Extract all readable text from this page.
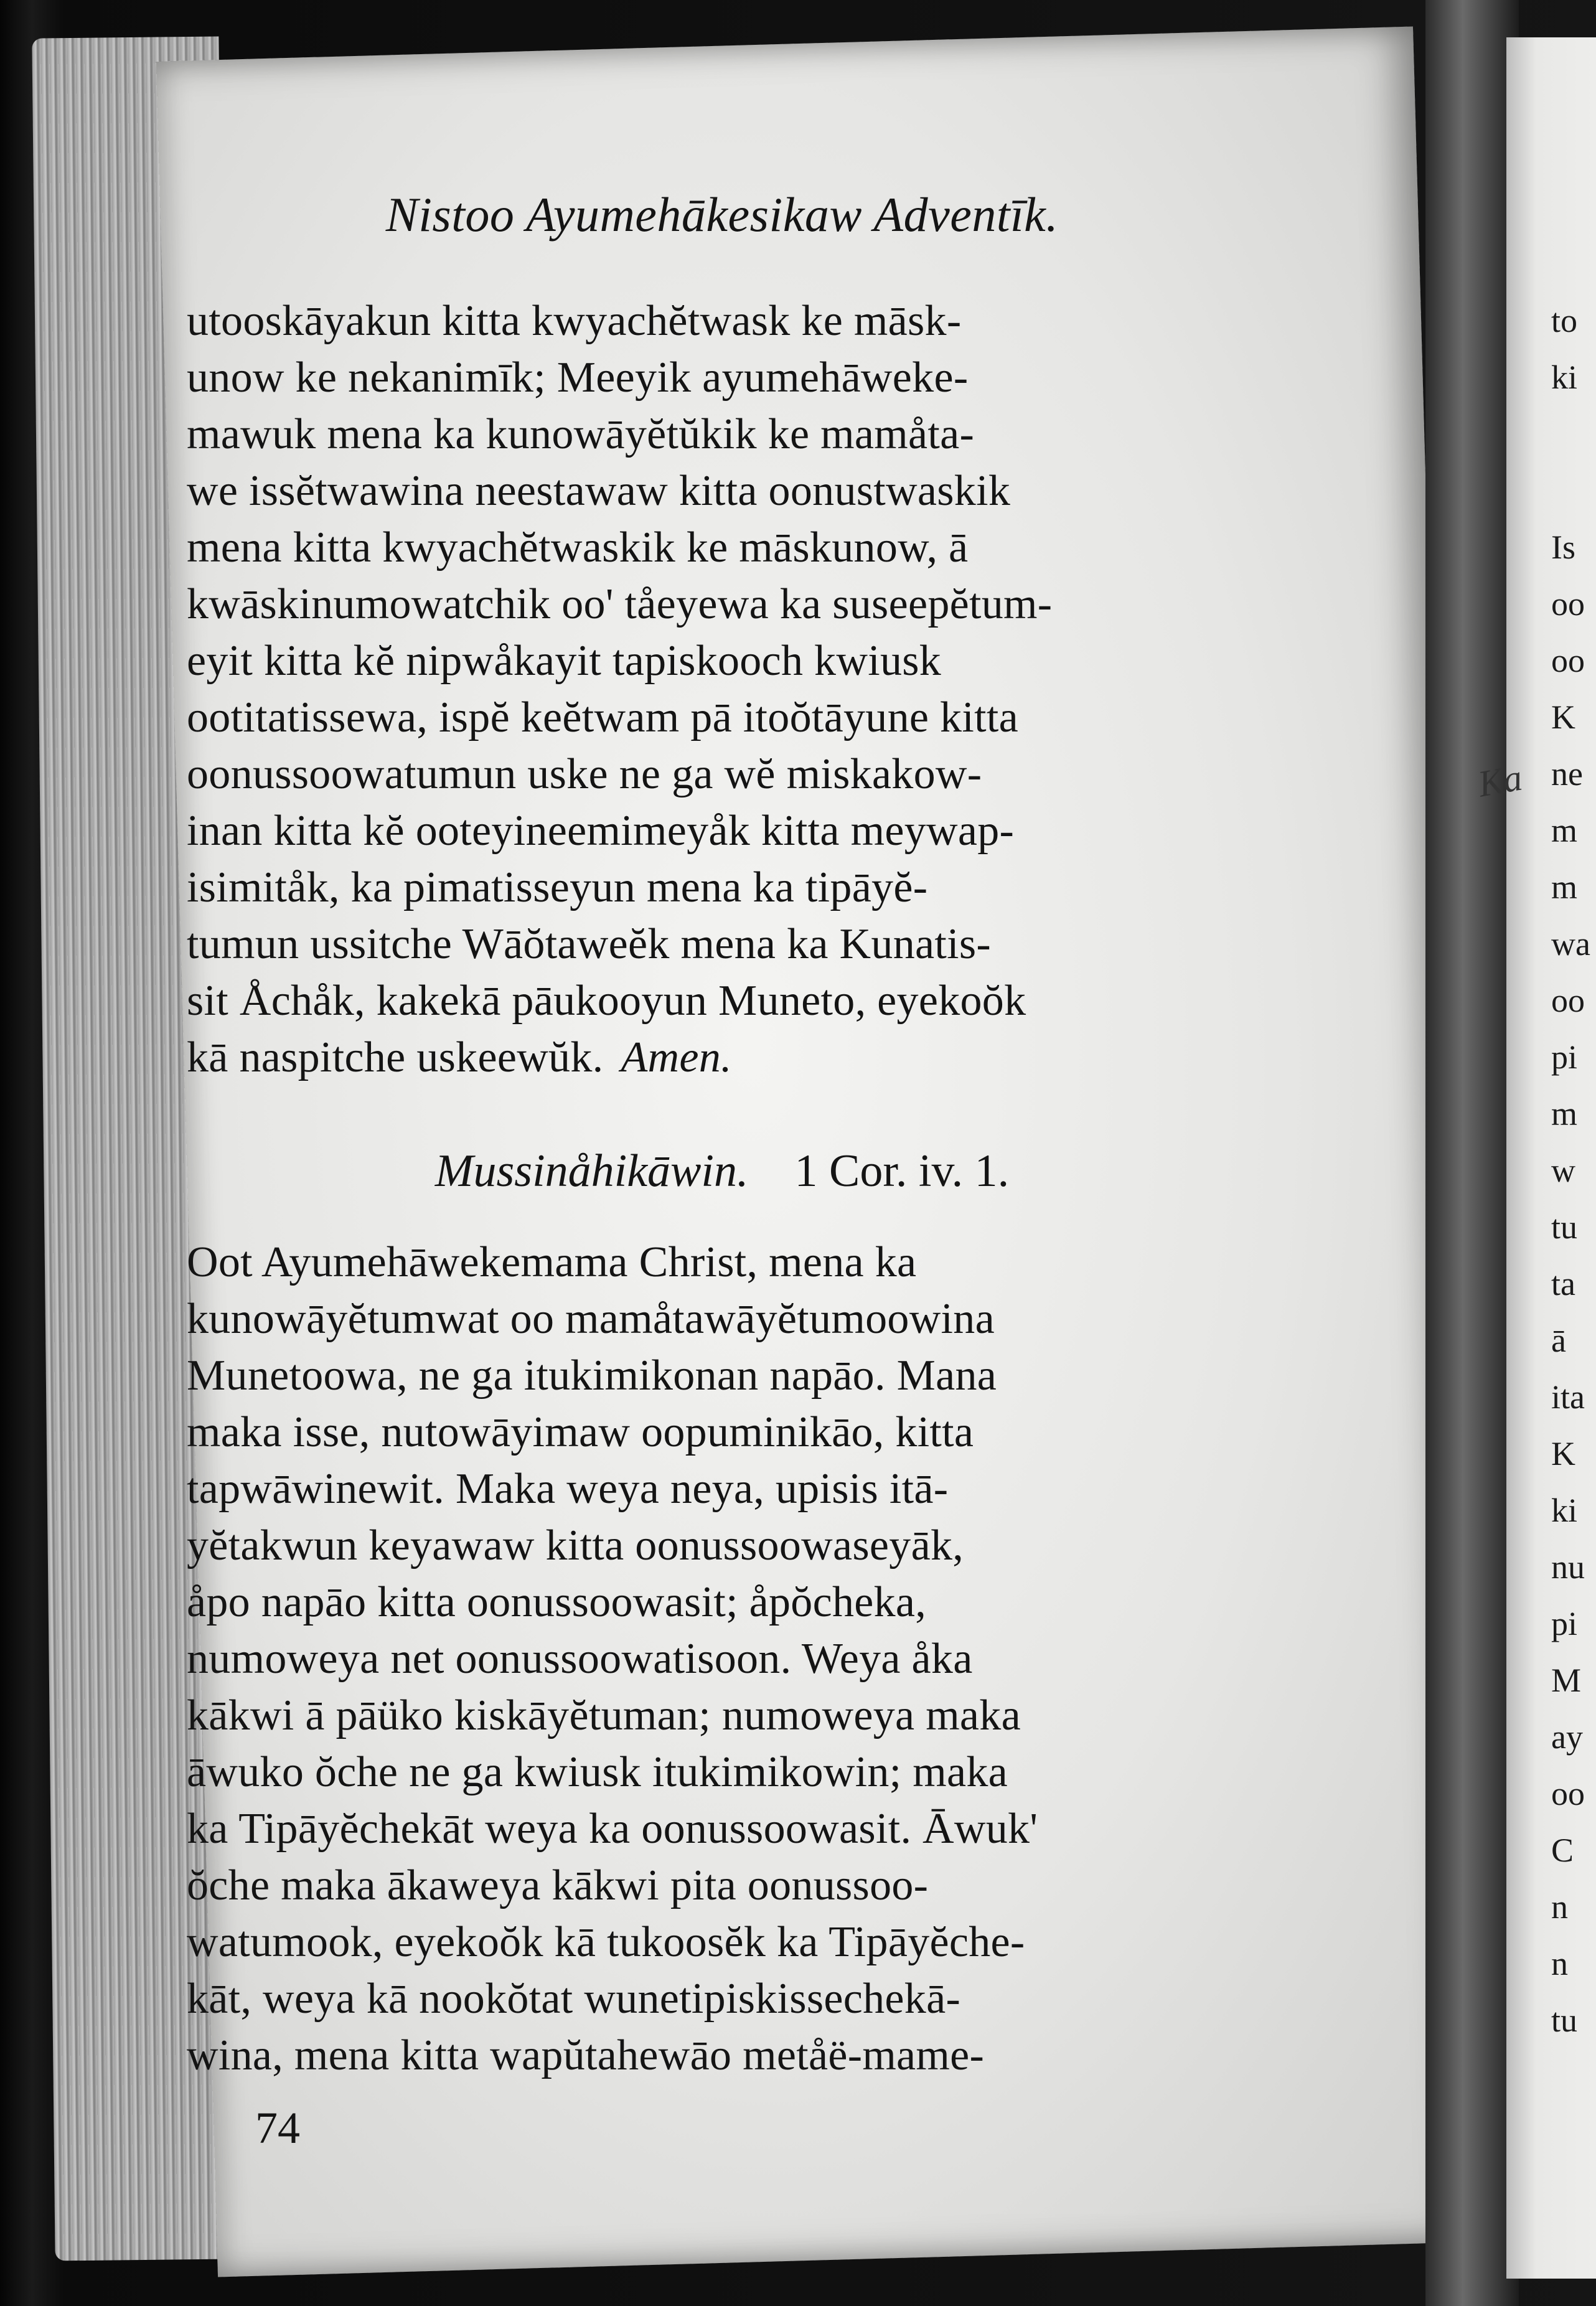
to
ki
Is
oo
oo
K
ne
m
m
wa
oo
pi
m
w
tu
ta
ā
ita
K
ki
nu
pi
M
ay
oo
C
n
n
tu
Ka
Nistoo Ayumehākesikaw Adventīk.

utooskāyakun kitta kwyachĕtwask ke māsk-

unow ke nekanimīk; Meeyik ayumehāweke-

mawuk mena ka kunowāyĕtŭkik ke mamåta-

we issĕtwawina neestawaw kitta oonustwaskik

mena kitta kwyachĕtwaskik ke māskunow, ā

kwāskinumowatchik oo' tåeyewa ka suseepĕtum-

eyit kitta kĕ nipwåkayit tapiskooch kwiusk

ootitatissewa, ispĕ keĕtwam pā itoŏtāyune kitta

oonussoowatumun uske ne ga wĕ miskakow-

inan kitta kĕ ooteyineemimeyåk kitta meywap-

isimitåk, ka pimatisseyun mena ka tipāyĕ-

tumun ussitche Wāŏtaweĕk mena ka Kunatis-

sit Åchåk, kakekā pāukooyun Muneto, eyekoŏk

kā naspitche uskeewŭk. Amen.

Mussinåhikāwin. 1 Cor. iv. 1.

Oot Ayumehāwekemama Christ, mena ka

kunowāyĕtumwat oo mamåtawāyĕtumoowina

Munetoowa, ne ga itukimikonan napāo. Mana

maka isse, nutowāyimaw oopuminikāo, kitta

tapwāwinewit. Maka weya neya, upisis itā-

yĕtakwun keyawaw kitta oonussoowaseyāk,

åpo napāo kitta oonussoowasit; åpŏcheka,

numoweya net oonussoowatisoon. Weya åka

kākwi ā pāüko kiskāyĕtuman; numoweya maka

āwuko ŏche ne ga kwiusk itukimikowin; maka

ka Tipāyĕchekāt weya ka oonussoowasit. Āwuk'

ŏche maka ākaweya kākwi pita oonussoo-

watumook, eyekoŏk kā tukoosĕk ka Tipāyĕche-

kāt, weya kā nookŏtat wunetipiskissechekā-

wina, mena kitta wapŭtahewāo metåë-mame-

74
